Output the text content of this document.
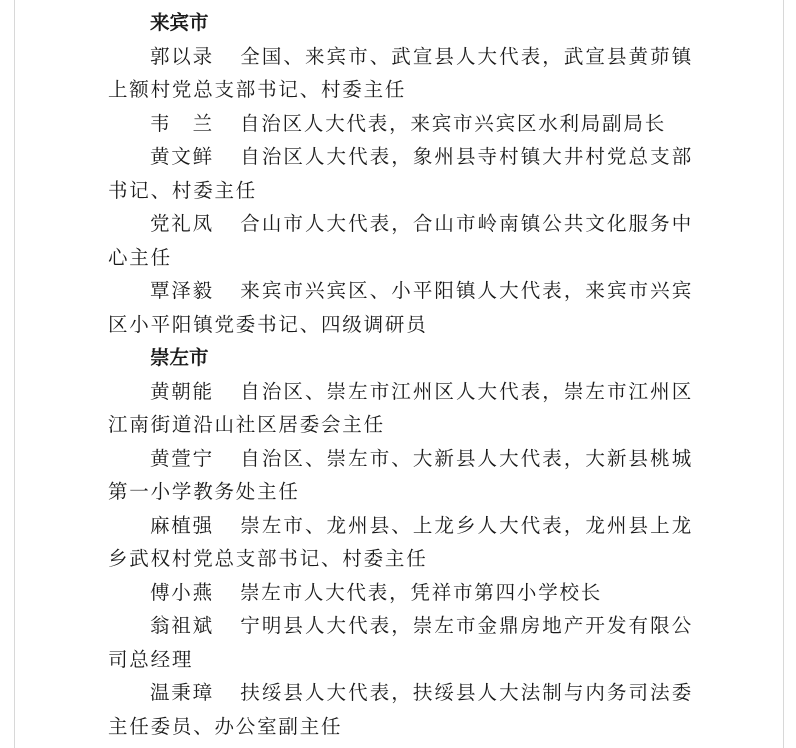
来宾市

郭以录 全国、来宾市、武宣县人大代表，武宣县黄茆镇上额村党总支部书记、村委主任

韦　兰 自治区人大代表，来宾市兴宾区水利局副局长

黄文鲜 自治区人大代表，象州县寺村镇大井村党总支部书记、村委主任

党礼凤 合山市人大代表，合山市岭南镇公共文化服务中心主任

覃泽毅 来宾市兴宾区、小平阳镇人大代表，来宾市兴宾区小平阳镇党委书记、四级调研员

崇左市

黄朝能 自治区、崇左市江州区人大代表，崇左市江州区江南街道沿山社区居委会主任

黄萱宁 自治区、崇左市、大新县人大代表，大新县桃城第一小学教务处主任

麻植强 崇左市、龙州县、上龙乡人大代表，龙州县上龙乡武权村党总支部书记、村委主任

傅小燕 崇左市人大代表，凭祥市第四小学校长

翁祖斌 宁明县人大代表，崇左市金鼎房地产开发有限公司总经理

温秉璋 扶绥县人大代表，扶绥县人大法制与内务司法委主任委员、办公室副主任
